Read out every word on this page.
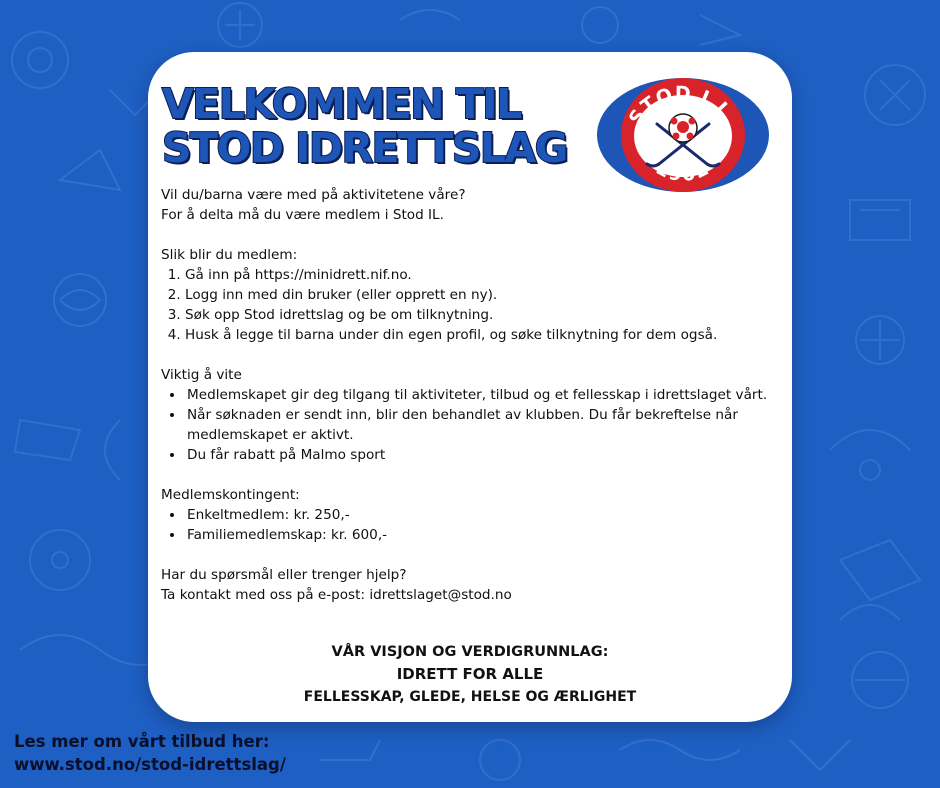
VELKOMMEN TIL
STOD IDRETTSLAG
STOD I.L.
1902

Vil du/barna være med på aktivitetene våre?

For å delta må du være medlem i Stod IL.

Slik blir du medlem:

1. Gå inn på https://minidrett.nif.no.
2. Logg inn med din bruker (eller opprett en ny).
3. Søk opp Stod idrettslag og be om tilknytning.
4. Husk å legge til barna under din egen profil, og søke tilknytning for dem også.

Viktig å vite

• Medlemskapet gir deg tilgang til aktiviteter, tilbud og et fellesskap i idrettslaget vårt.
• Når søknaden er sendt inn, blir den behandlet av klubben. Du får bekreftelse når medlemskapet er aktivt.
• Du får rabatt på Malmo sport

Medlemskontingent:

• Enkeltmedlem: kr. 250,-
• Familiemedlemskap: kr. 600,-

Har du spørsmål eller trenger hjelp?

Ta kontakt med oss på e-post: idrettslaget@stod.no

VÅR VISJON OG VERDIGRUNNLAG:
IDRETT FOR ALLE
FELLESSKAP, GLEDE, HELSE OG ÆRLIGHET
Les mer om vårt tilbud her:
www.stod.no/stod-idrettslag/
